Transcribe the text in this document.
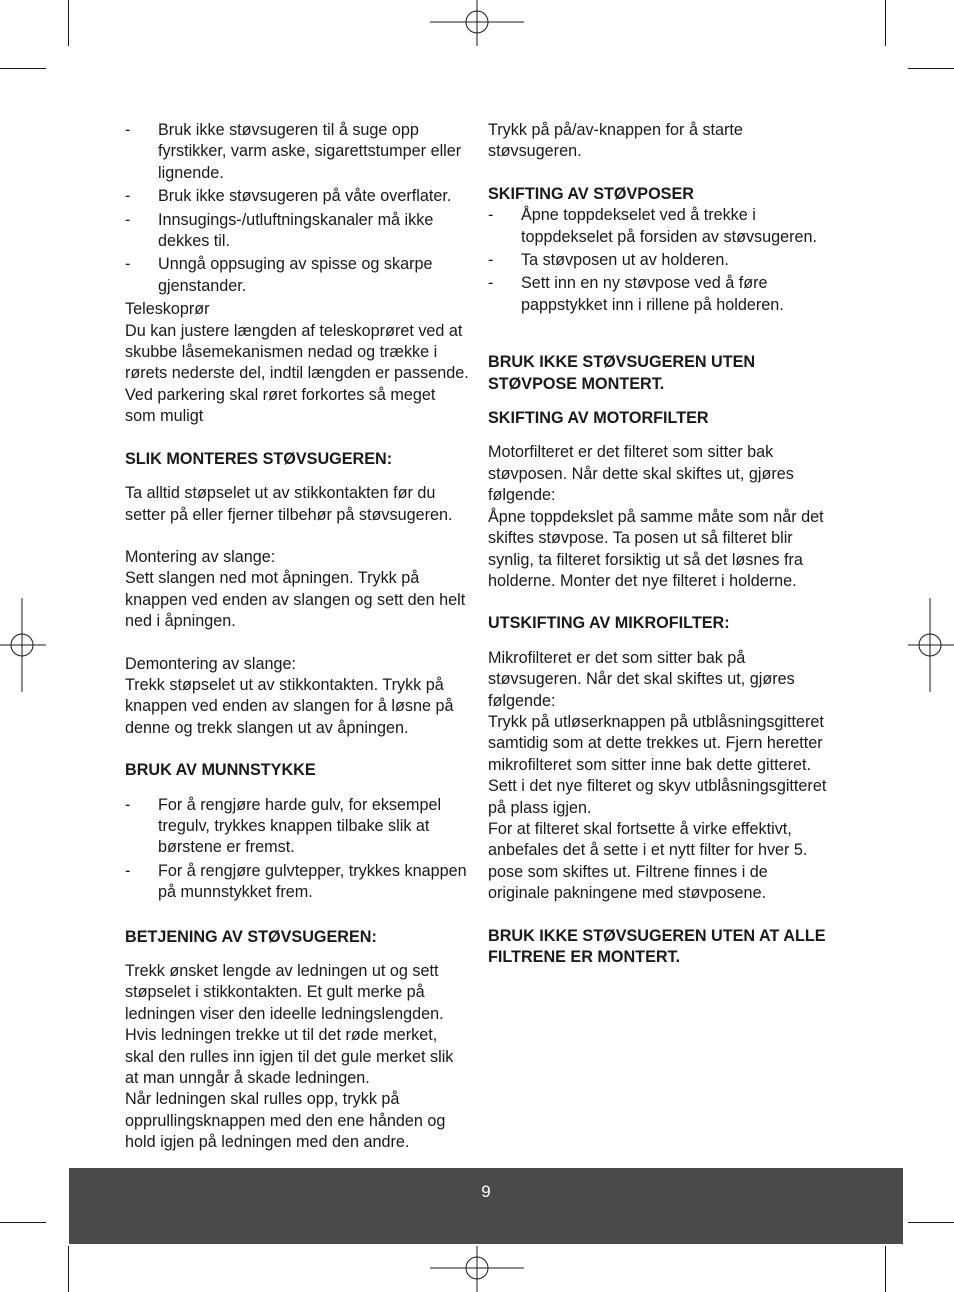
-	Bruk ikke støvsugeren til å suge opp fyrstikker, varm aske, sigarettstumper eller lignende.
-	Bruk ikke støvsugeren på våte overflater.
-	Innsugings-/utluftningskanaler må ikke dekkes til.
-	Unngå oppsuging av spisse og skarpe gjenstander.

Teleskoprør

Du kan justere længden af teleskoprøret ved at skubbe låsemekanismen nedad og trække i rørets nederste del, indtil længden er passende. Ved parkering skal røret forkortes så meget som muligt

SLIK MONTERES STØVSUGEREN:

Ta alltid støpselet ut av stikkontakten før du setter på eller fjerner tilbehør på støvsugeren.

Montering av slange:

Sett slangen ned mot åpningen. Trykk på knappen ved enden av slangen og sett den helt ned i åpningen.

Demontering av slange:

Trekk støpselet ut av stikkontakten. Trykk på knappen ved enden av slangen for å løsne på denne og trekk slangen ut av åpningen.

BRUK AV MUNNSTYKKE

-	For å rengjøre harde gulv, for eksempel tregulv, trykkes knappen tilbake slik at børstene er fremst.
-	For å rengjøre gulvtepper, trykkes knappen på munnstykket frem.

BETJENING AV STØVSUGEREN:

Trekk ønsket lengde av ledningen ut og sett støpselet i stikkontakten. Et gult merke på ledningen viser den ideelle ledningslengden. Hvis ledningen trekke ut til det røde merket, skal den rulles inn igjen til det gule merket slik at man unngår å skade ledningen.

Når ledningen skal rulles opp, trykk på opprullingsknappen med den ene hånden og hold igjen på ledningen med den andre.

Trykk på på/av-knappen for å starte støvsugeren.

SKIFTING AV STØVPOSER

-	Åpne toppdekselet ved å trekke i toppdekselet på forsiden av støvsugeren.
-	Ta støvposen ut av holderen.
-	Sett inn en ny støvpose ved å føre pappstykket inn i rillene på holderen.

BRUK IKKE STØVSUGEREN UTEN STØVPOSE MONTERT.

SKIFTING AV MOTORFILTER

Motorfilteret er det filteret som sitter bak støvposen. Når dette skal skiftes ut, gjøres følgende:

Åpne toppdekslet på samme måte som når det skiftes støvpose. Ta posen ut så filteret blir synlig, ta filteret forsiktig ut så det løsnes fra holderne. Monter det nye filteret i holderne.

UTSKIFTING AV MIKROFILTER:

Mikrofilteret er det som sitter bak på støvsugeren. Når det skal skiftes ut, gjøres følgende:

Trykk på utløserknappen på utblåsningsgitteret samtidig som at dette trekkes ut. Fjern heretter mikrofilteret som sitter inne bak dette gitteret. Sett i det nye filteret og skyv utblåsningsgitteret på plass igjen.

For at filteret skal fortsette å virke effektivt, anbefales det å sette i et nytt filter for hver 5. pose som skiftes ut. Filtrene finnes i de originale pakningene med støvposene.

BRUK IKKE STØVSUGEREN UTEN AT ALLE FILTRENE ER MONTERT.

9
